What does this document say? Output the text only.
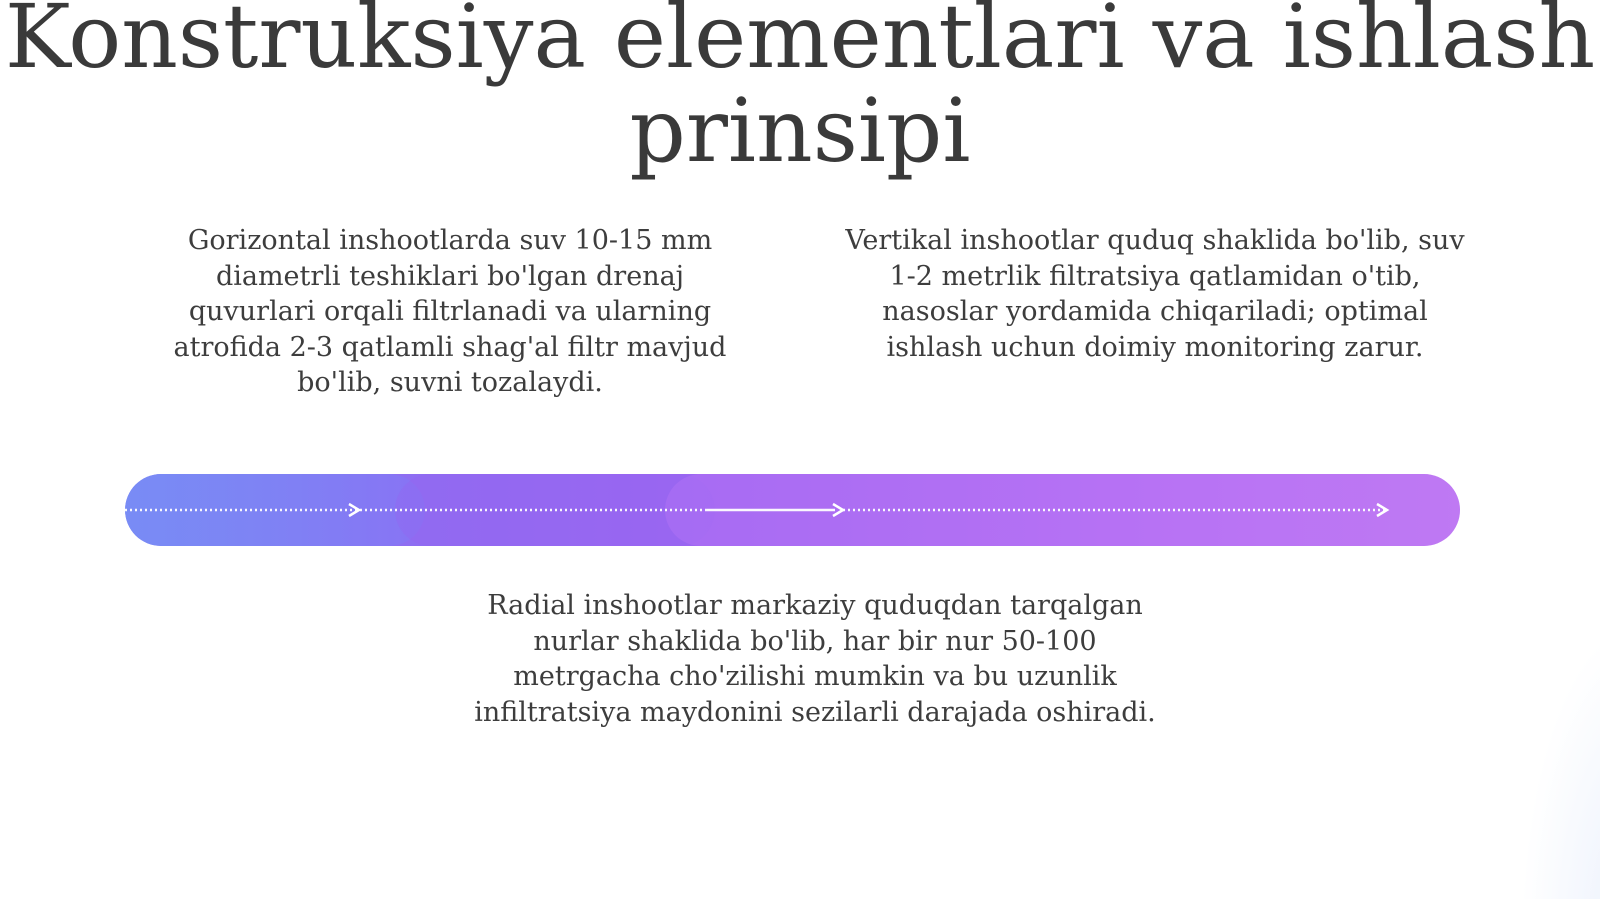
Konstruksiya elementlari va ishlash prinsipi

Gorizontal inshootlarda suv 10-15 mm diametrli teshiklari bo'lgan drenaj quvurlari orqali filtrlanadi va ularning atrofida 2-3 qatlamli shag'al filtr mavjud bo'lib, suvni tozalaydi.

Vertikal inshootlar quduq shaklida bo'lib, suv 1-2 metrlik filtratsiya qatlamidan o'tib, nasoslar yordamida chiqariladi; optimal ishlash uchun doimiy monitoring zarur.

Radial inshootlar markaziy quduqdan tarqalgan nurlar shaklida bo'lib, har bir nur 50-100 metrgacha cho'zilishi mumkin va bu uzunlik infiltratsiya maydonini sezilarli darajada oshiradi.
